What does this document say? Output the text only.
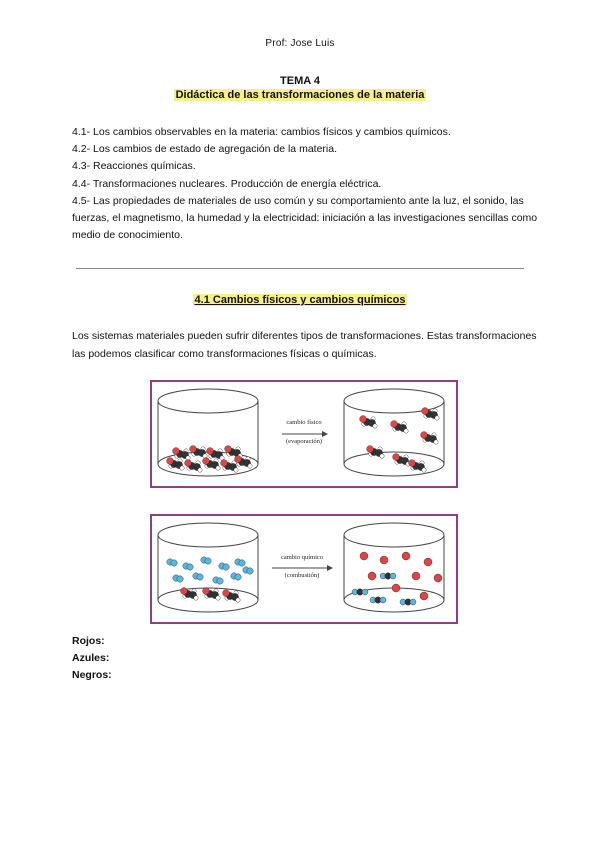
Prof: Jose Luis
TEMA 4
Didáctica de las transformaciones de la materia
4.1- Los cambios observables en la materia: cambios físicos y cambios químicos.
4.2- Los cambios de estado de agregación de la materia.
4.3- Reacciones químicas.
4.4- Transformaciones nucleares. Producción de energía eléctrica.
4.5- Las propiedades de materiales de uso común y su comportamiento ante la luz, el sonido, las fuerzas, el magnetismo, la humedad y la electricidad: iniciación a las investigaciones sencillas como medio de conocimiento.
4.1 Cambios físicos y cambios químicos
Los sistemas materiales pueden sufrir diferentes tipos de transformaciones. Estas transformaciones las podemos clasificar como transformaciones físicas o químicas.
cambio físico
(evaporación)
cambio químico
(combustión)
Rojos:
Azules:
Negros:
